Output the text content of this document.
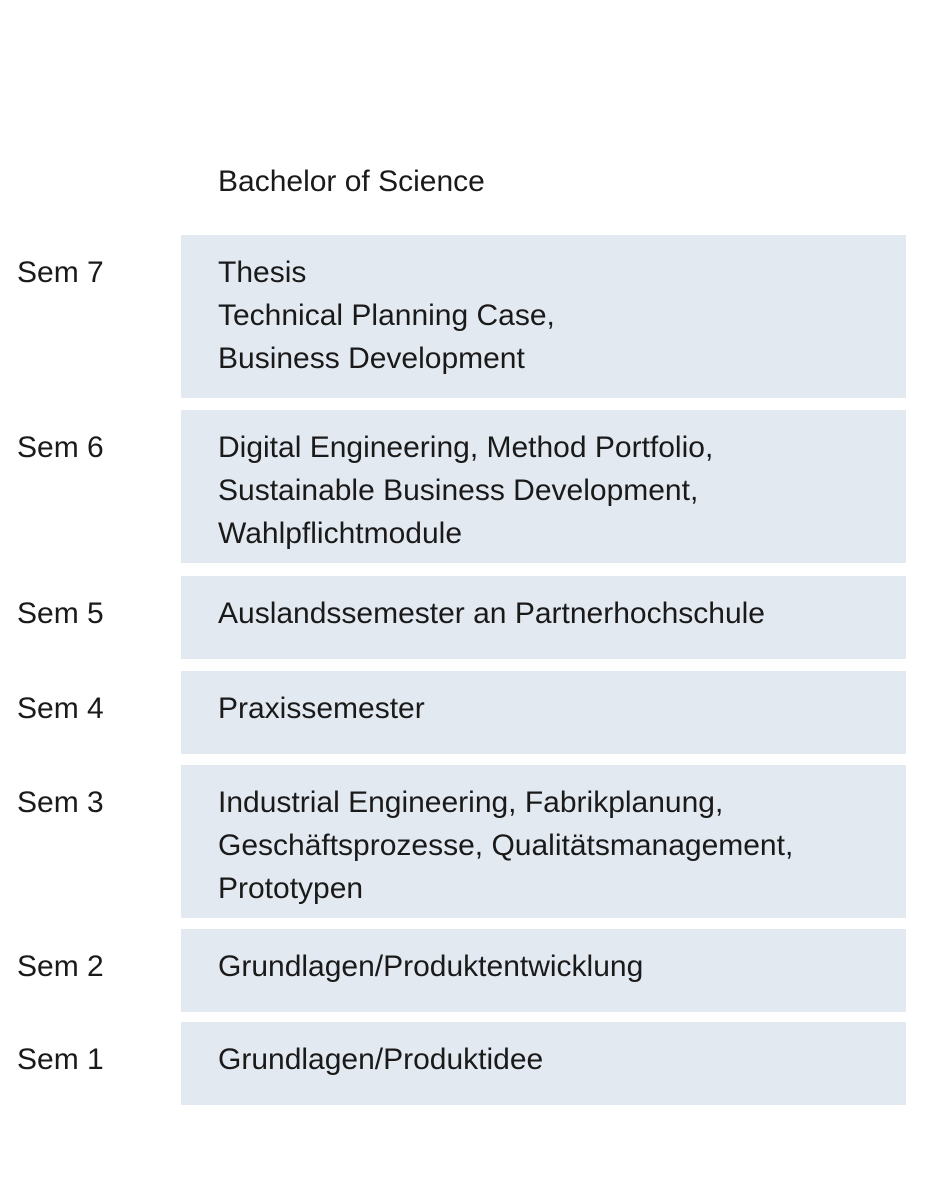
Bachelor of Science
Sem 7	Thesis
Technical Planning Case,
Business Development
Sem 6	Digital Engineering, Method Portfolio,
Sustainable Business Development,
Wahlpflichtmodule
Sem 5	Auslandssemester an Partnerhochschule
Sem 4	Praxissemester
Sem 3	Industrial Engineering, Fabrikplanung,
Geschäftsprozesse, Qualitätsmanagement,
Prototypen
Sem 2	Grundlagen/Produktentwicklung
Sem 1	Grundlagen/Produktidee
